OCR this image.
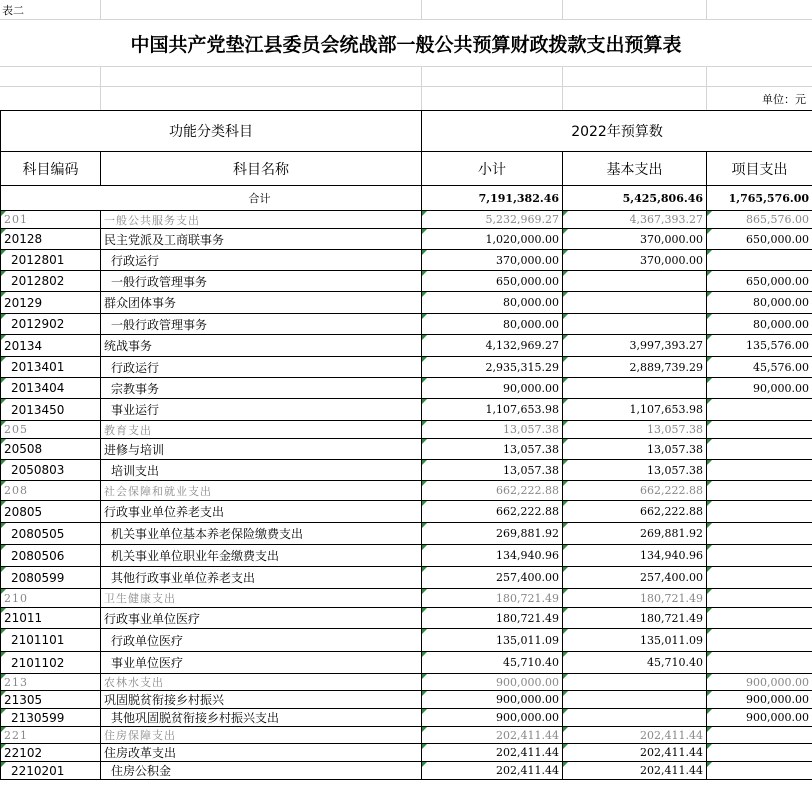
表二
中国共产党垫江县委员会统战部一般公共预算财政拨款支出预算表
单位：元
功能分类科目		2022年预算数		
科目编码	科目名称	小计	基本支出	项目支出
合计		7,191,382.46	5,425,806.46	1,765,576.00
201	一般公共服务支出	5,232,969.27	4,367,393.27	865,576.00
20128	民主党派及工商联事务	1,020,000.00	370,000.00	650,000.00
2012801	行政运行	370,000.00	370,000.00	
2012802	一般行政管理事务	650,000.00		650,000.00
20129	群众团体事务	80,000.00		80,000.00
2012902	一般行政管理事务	80,000.00		80,000.00
20134	统战事务	4,132,969.27	3,997,393.27	135,576.00
2013401	行政运行	2,935,315.29	2,889,739.29	45,576.00
2013404	宗教事务	90,000.00		90,000.00
2013450	事业运行	1,107,653.98	1,107,653.98	
205	教育支出	13,057.38	13,057.38	
20508	进修与培训	13,057.38	13,057.38	
2050803	培训支出	13,057.38	13,057.38	
208	社会保障和就业支出	662,222.88	662,222.88	
20805	行政事业单位养老支出	662,222.88	662,222.88	
2080505	机关事业单位基本养老保险缴费支出	269,881.92	269,881.92	
2080506	机关事业单位职业年金缴费支出	134,940.96	134,940.96	
2080599	其他行政事业单位养老支出	257,400.00	257,400.00	
210	卫生健康支出	180,721.49	180,721.49	
21011	行政事业单位医疗	180,721.49	180,721.49	
2101101	行政单位医疗	135,011.09	135,011.09	
2101102	事业单位医疗	45,710.40	45,710.40	
213	农林水支出	900,000.00		900,000.00
21305	巩固脱贫衔接乡村振兴	900,000.00		900,000.00
2130599	其他巩固脱贫衔接乡村振兴支出	900,000.00		900,000.00
221	住房保障支出	202,411.44	202,411.44	
22102	住房改革支出	202,411.44	202,411.44	
2210201	住房公积金	202,411.44	202,411.44	
